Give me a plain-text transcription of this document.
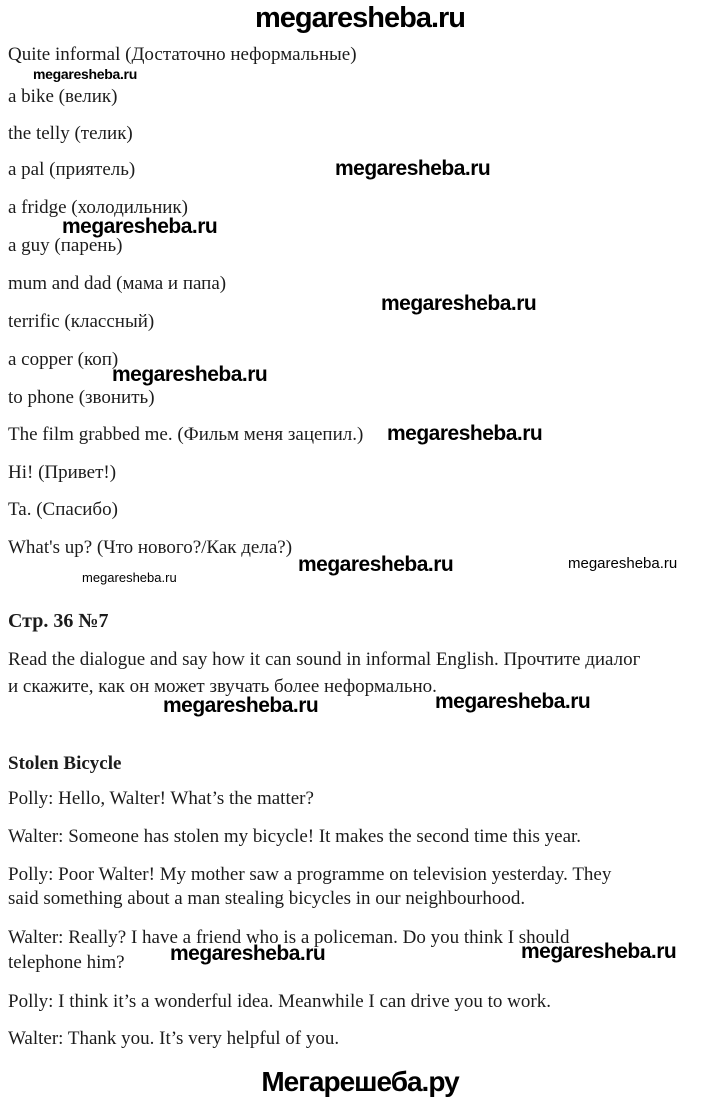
megaresheba.ru
Quite informal (Достаточно неформальные)
a bike (велик)
the telly (телик)
a pal (приятель)
a fridge (холодильник)
a guy (парень)
mum and dad (мама и папа)
terrific (классный)
a copper (коп)
to phone (звонить)
The film grabbed me. (Фильм меня зацепил.)
Hi! (Привет!)
Ta. (Спасибо)
What's up? (Что нового?/Как дела?)
Стр. 36 №7
Read the dialogue and say how it can sound in informal English. Прочтите диалог
и скажите, как он может звучать более неформально.
Stolen Bicycle
Polly: Hello, Walter! What’s the matter?
Walter: Someone has stolen my bicycle! It makes the second time this year.
Polly: Poor Walter! My mother saw a programme on television yesterday. They
said something about a man stealing bicycles in our neighbourhood.
Walter: Really? I have a friend who is a policeman. Do you think I should
telephone him?
Polly: I think it’s a wonderful idea. Meanwhile I can drive you to work.
Walter: Thank you. It’s very helpful of you.
megaresheba.ru
megaresheba.ru
megaresheba.ru
megaresheba.ru
megaresheba.ru
megaresheba.ru
megaresheba.ru	megaresheba.ru
megaresheba.ru
megaresheba.ru	megaresheba.ru
megaresheba.ru	megaresheba.ru
Мегарешеба.ру
